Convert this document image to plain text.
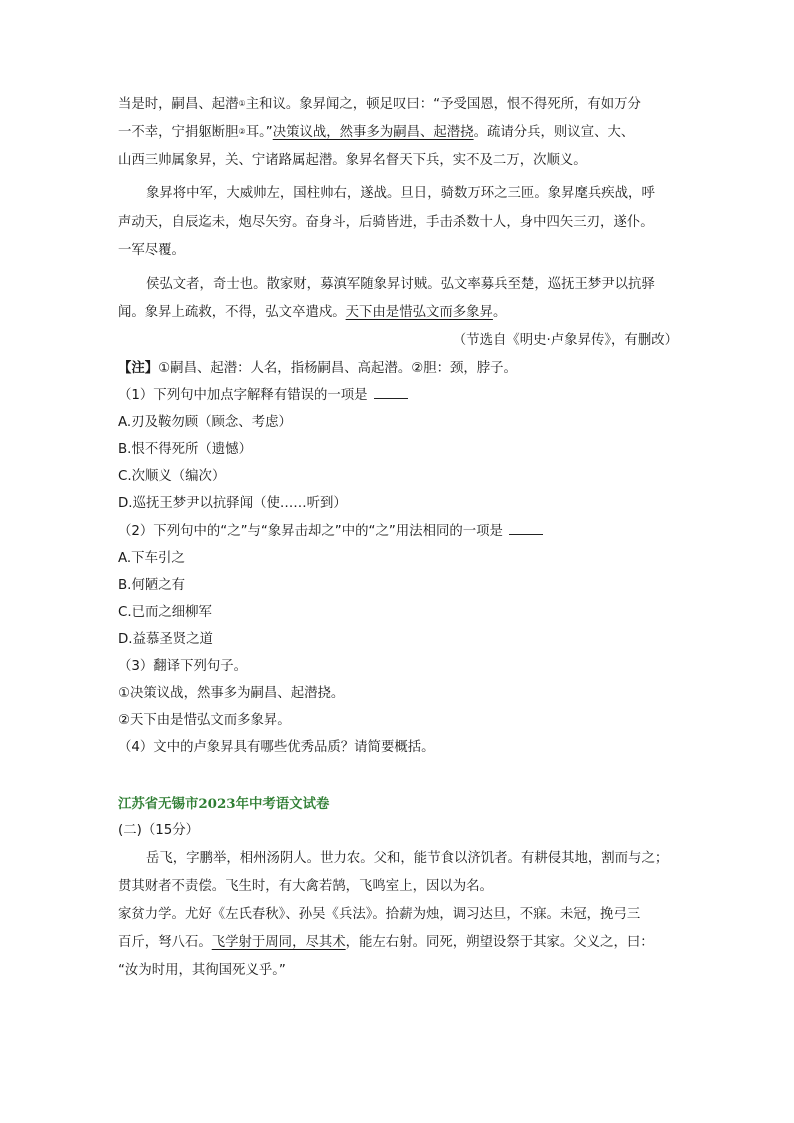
当是时，嗣昌、起潜①主和议。象昇闻之，顿足叹曰：“予受国恩，恨不得死所，有如万分
一不幸，宁捐躯断胆②耳。”决策议战，然事多为嗣昌、起潜挠。疏请分兵，则议宣、大、
山西三帅属象昇，关、宁诸路属起潜。象昇名督天下兵，实不及二万，次顺义。
象昇将中军，大威帅左，国柱帅右，遂战。旦日，骑数万环之三匝。象昇麾兵疾战，呼
声动天，自辰迄未，炮尽矢穷。奋身斗，后骑皆进，手击杀数十人，身中四矢三刃，遂仆。
一军尽覆。
侯弘文者，奇士也。散家财，募滇军随象昇讨贼。弘文率募兵至楚，巡抚王梦尹以抗驿
闻。象昇上疏救，不得，弘文卒遣戍。天下由是惜弘文而多象昇。
（节选自《明史·卢象昇传》，有删改）
【注】①嗣昌、起潜：人名，指杨嗣昌、高起潜。②胆：颈，脖子。
（1）下列句中加点字解释有错误的一项是
A.刃及鞍勿顾（顾念、考虑）
B.恨不得死所（遗憾）
C.次顺义（编次）
D.巡抚王梦尹以抗驿闻（使……听到）
（2）下列句中的“之”与“象昇击却之”中的“之”用法相同的一项是
A.下车引之
B.何陋之有
C.已而之细柳军
D.益慕圣贤之道
（3）翻译下列句子。
①决策议战，然事多为嗣昌、起潜挠。
②天下由是惜弘文而多象昇。
（4）文中的卢象昇具有哪些优秀品质？请简要概括。
江苏省无锡市2023年中考语文试卷
(二)（15分）
岳飞，字鹏举，相州汤阴人。世力农。父和，能节食以济饥者。有耕侵其地，割而与之；
贯其财者不责偿。飞生时，有大禽若鹄，飞鸣室上，因以为名。
家贫力学。尤好《左氏春秋》、孙吴《兵法》。拾薪为烛，调习达旦，不寐。未冠，挽弓三
百斤，弩八石。飞学射于周同，尽其术，能左右射。同死，朔望设祭于其家。父义之，曰：
“汝为时用，其徇国死义乎。”
